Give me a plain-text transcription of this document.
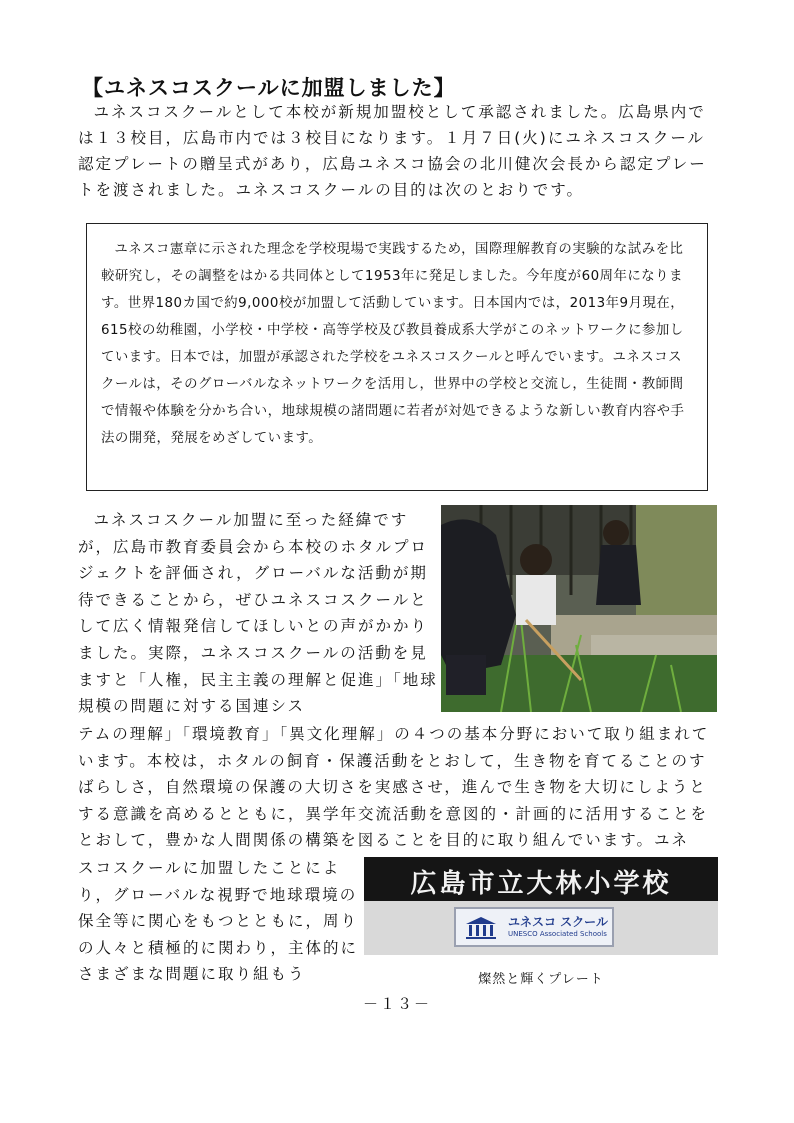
【ユネスコスクールに加盟しました】

ユネスコスクールとして本校が新規加盟校として承認されました。広島県内では１３校目，広島市内では３校目になります。１月７日(火)にユネスコスクール認定プレートの贈呈式があり，広島ユネスコ協会の北川健次会長から認定プレートを渡されました。ユネスコスクールの目的は次のとおりです。

ユネスコ憲章に示された理念を学校現場で実践するため，国際理解教育の実験的な試みを比較研究し，その調整をはかる共同体として1953年に発足しました。今年度が60周年になります。世界180カ国で約9,000校が加盟して活動しています。日本国内では，2013年9月現在，615校の幼稚園，小学校・中学校・高等学校及び教員養成系大学がこのネットワークに参加しています。日本では，加盟が承認された学校をユネスコスクールと呼んでいます。ユネスコスクールは，そのグローバルなネットワークを活用し，世界中の学校と交流し，生徒間・教師間で情報や体験を分かち合い，地球規模の諸問題に若者が対処できるような新しい教育内容や手法の開発，発展をめざしています。

ユネスコスクール加盟に至った経緯ですが，広島市教育委員会から本校のホタルプロジェクトを評価され，グローバルな活動が期待できることから，ぜひユネスコスクールとして広く情報発信してほしいとの声がかかりました。実際，ユネスコスクールの活動を見ますと「人権，民主主義の理解と促進」「地球規模の問題に対する国連シス

テムの理解」「環境教育」「異文化理解」の４つの基本分野において取り組まれています。本校は，ホタルの飼育・保護活動をとおして，生き物を育てることのすばらしさ，自然環境の保護の大切さを実感させ，進んで生き物を大切にしようとする意識を高めるとともに，異学年交流活動を意図的・計画的に活用することをとおして，豊かな人間関係の構築を図ることを目的に取り組んでいます。ユネ

スコスクールに加盟したことにより，グローバルな視野で地球環境の保全等に関心をもつとともに，周りの人々と積極的に関わり，主体的にさまざまな問題に取り組もう

広島市立大林小学校
ユネスコ スクール
UNESCO Associated Schools
燦然と輝くプレート
－１３－
